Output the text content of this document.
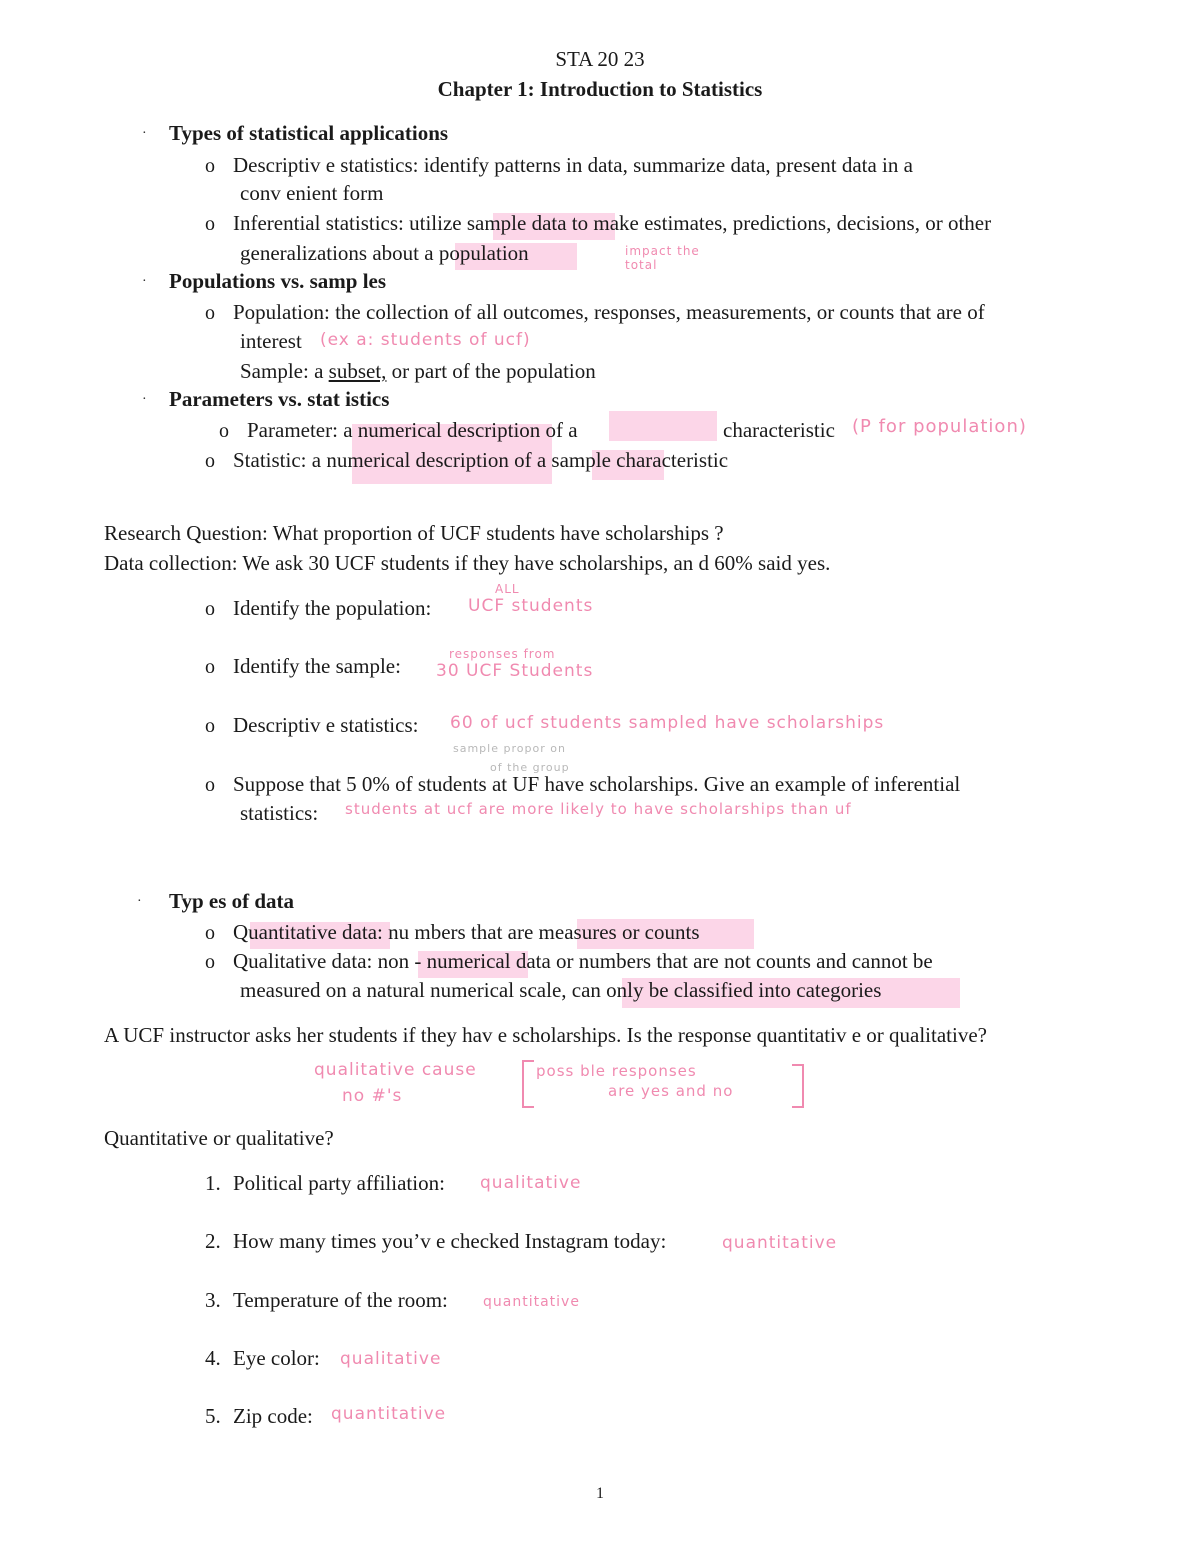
STA 20 23
Chapter 1: Introduction to Statistics
· Types of statistical applications
o Descriptiv e statistics: identify patterns in data, summarize data, present data in a
conv enient form
o Inferential statistics: utilize sample data to make estimates, predictions, decisions, or other
generalizations about a population	impact the total
· Populations vs. samp les
o Population: the collection of all outcomes, responses, measurements, or counts that are of
interest (ex a: students of ucf)
Sample: a subset, or part of the population
· Parameters vs. stat istics
o Parameter: a numerical description of a	characteristic (P for population)
o Statistic: a numerical description of a sample characteristic
Research Question: What proportion of UCF students have scholarships ?
Data collection: We ask 30 UCF students if they have scholarships, an d 60% said yes.
o Identify the population:
ALL
UCF students
o Identify the sample:	responses from
30 UCF Students
o Descriptiv e statistics: 60 of ucf students sampled have scholarships
sample propor on
of the group
o Suppose that 5 0% of students at UF have scholarships. Give an example of inferential
statistics: students at ucf are more likely to have scholarships than uf
· Typ es of data
o Quantitative data: nu mbers that are measures or counts
o Qualitative data: non - numerical data or numbers that are not counts and cannot be
measured on a natural numerical scale, can only be classified into categories
A UCF instructor asks her students if they hav e scholarships. Is the response quantitativ e or qualitative?
qualitative cause
no #'s
poss ble responses
are yes and no
Quantitative or qualitative?
1. Political party affiliation: qualitative
2. How many times you’v e checked Instagram today:	quantitative
3. Temperature of the room:	quantitative
4. Eye color: qualitative
5. Zip code: quantitative
1
